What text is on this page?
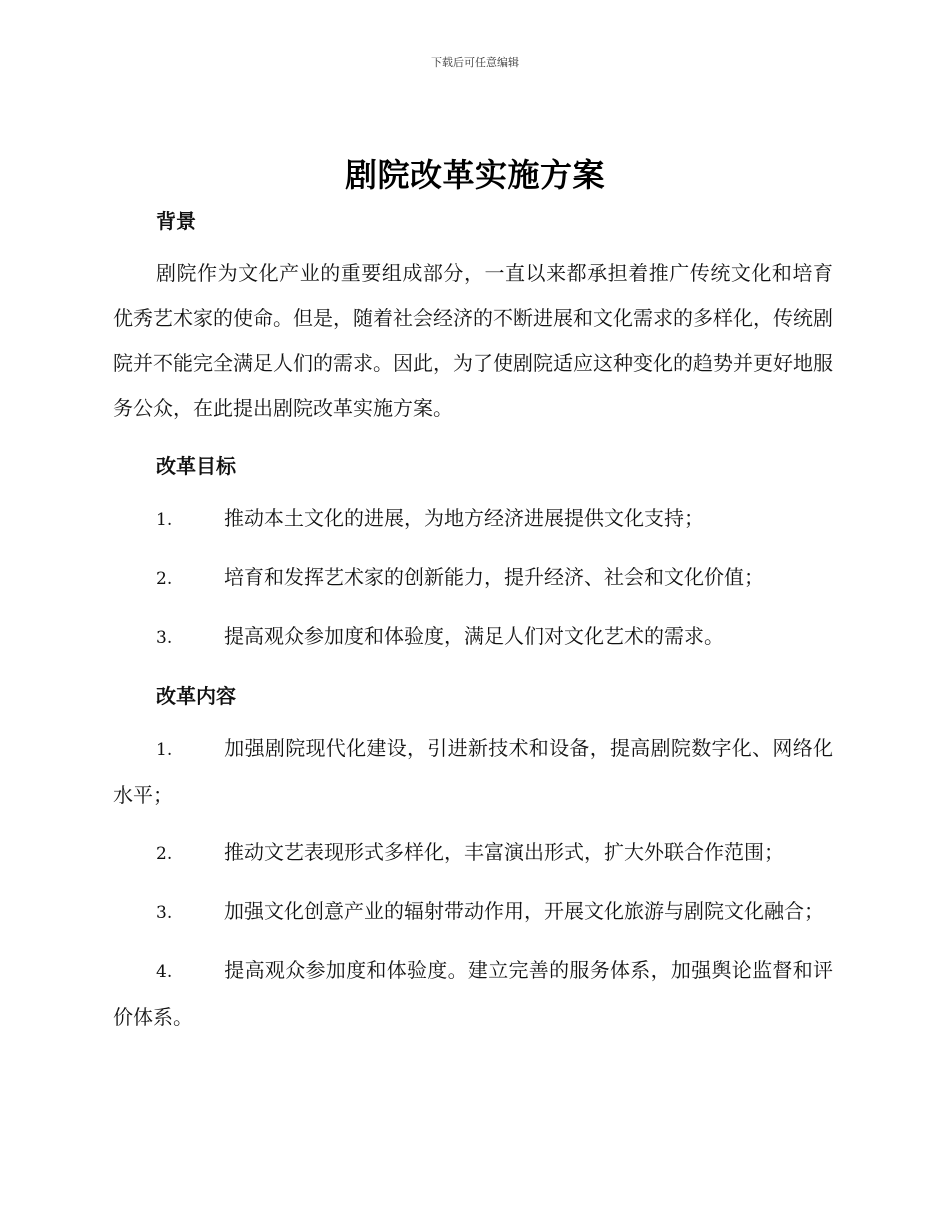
下载后可任意编辑
剧院改革实施方案
背景

剧院作为文化产业的重要组成部分，一直以来都承担着推广传统文化和培育优秀艺术家的使命。但是，随着社会经济的不断进展和文化需求的多样化，传统剧院并不能完全满足人们的需求。因此，为了使剧院适应这种变化的趋势并更好地服务公众，在此提出剧院改革实施方案。

改革目标

1.	推动本土文化的进展，为地方经济进展提供文化支持；

2.	培育和发挥艺术家的创新能力，提升经济、社会和文化价值；

3.	提高观众参加度和体验度，满足人们对文化艺术的需求。

改革内容

1.	加强剧院现代化建设，引进新技术和设备，提高剧院数字化、网络化水平；

2.	推动文艺表现形式多样化，丰富演出形式，扩大外联合作范围；

3.	加强文化创意产业的辐射带动作用，开展文化旅游与剧院文化融合；

4.	提高观众参加度和体验度。建立完善的服务体系，加强舆论监督和评价体系。
